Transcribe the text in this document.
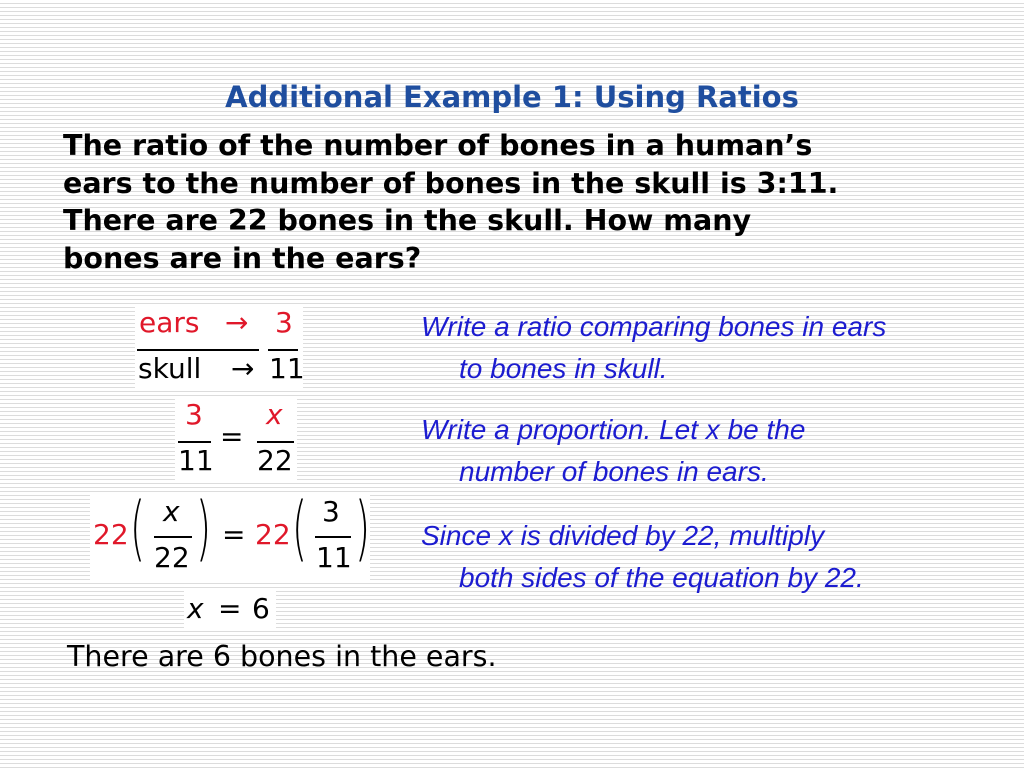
Additional Example 1: Using Ratios
The ratio of the number of bones in a human’s
ears to the number of bones in the skull is 3:11.
There are 22 bones in the skull. How many
bones are in the ears?
ears → 3
skull → 11
3
11
=
x
22
22 ( x
22 ) = 22 ( 3
11 )
x = 6
Write a ratio comparing bones in ears
to bones in skull.
Write a proportion. Let x be the
number of bones in ears.
Since x is divided by 22, multiply
both sides of the equation by 22.
There are 6 bones in the ears.
